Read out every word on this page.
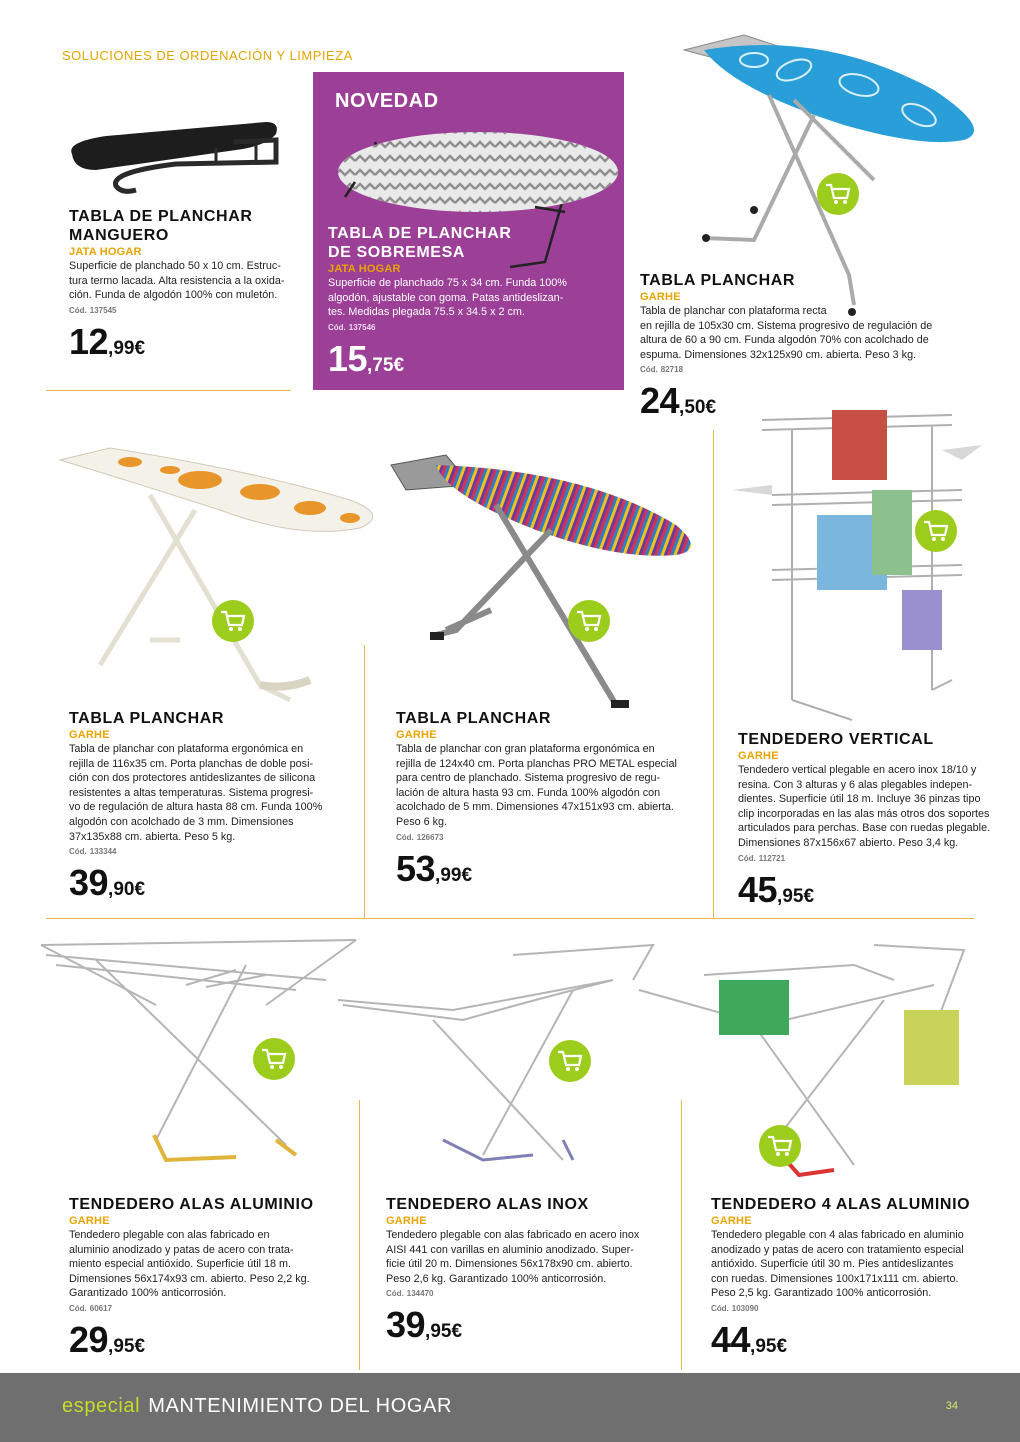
SOLUCIONES DE ORDENACIÓN Y LIMPIEZA
NOVEDAD
TABLA DE PLANCHAR
MANGUERO
JATA HOGAR
Superficie de planchado 50 x 10 cm. Estruc-
tura termo lacada. Alta resistencia a la oxida-
ción. Funda de algodón 100% con muletón.
Cód. 137545
12,99€
TABLA DE PLANCHAR
DE SOBREMESA
JATA HOGAR
Superficie de planchado 75 x 34 cm. Funda 100%
algodón, ajustable con goma. Patas antideslizan-
tes. Medidas plegada 75.5 x 34.5 x 2 cm.
Cód. 137546
15,75€
TABLA PLANCHAR
GARHE
Tabla de planchar con plataforma recta
en rejilla de 105x30 cm. Sistema progresivo de regulación de
altura de 60 a 90 cm. Funda algodón 70% con acolchado de
espuma. Dimensiones 32x125x90 cm. abierta. Peso 3 kg.
Cód. 82718
24,50€
TABLA PLANCHAR
GARHE
Tabla de planchar con plataforma ergonómica en
rejilla de 116x35 cm. Porta planchas de doble posi-
ción con dos protectores antideslizantes de silicona
resistentes a altas temperaturas. Sistema progresi-
vo de regulación de altura hasta 88 cm. Funda 100%
algodón con acolchado de 3 mm. Dimensiones
37x135x88 cm. abierta. Peso 5 kg.
Cód. 133344
39,90€
TABLA PLANCHAR
GARHE
Tabla de planchar con gran plataforma ergonómica en
rejilla de 124x40 cm. Porta planchas PRO METAL especial
para centro de planchado. Sistema progresivo de regu-
lación de altura hasta 93 cm. Funda 100% algodón con
acolchado de 5 mm. Dimensiones 47x151x93 cm. abierta.
Peso 6 kg.
Cód. 126673
53,99€
TENDEDERO VERTICAL
GARHE
Tendedero vertical plegable en acero inox 18/10 y
resina. Con 3 alturas y 6 alas plegables indepen-
dientes. Superficie útil 18 m. Incluye 36 pinzas tipo
clip incorporadas en las alas más otros dos soportes
articulados para perchas. Base con ruedas plegable.
Dimensiones 87x156x67 abierto. Peso 3,4 kg.
Cód. 112721
45,95€
TENDEDERO ALAS ALUMINIO
GARHE
Tendedero plegable con alas fabricado en
aluminio anodizado y patas de acero con trata-
miento especial antióxido. Superficie útil 18 m.
Dimensiones 56x174x93 cm. abierto. Peso 2,2 kg.
Garantizado 100% anticorrosión.
Cód. 60617
29,95€
TENDEDERO ALAS INOX
GARHE
Tendedero plegable con alas fabricado en acero inox
AISI 441 con varillas en aluminio anodizado. Super-
ficie útil 20 m. Dimensiones 56x178x90 cm. abierto.
Peso 2,6 kg. Garantizado 100% anticorrosión.
Cód. 134470
39,95€
TENDEDERO 4 ALAS ALUMINIO
GARHE
Tendedero plegable con 4 alas fabricado en aluminio
anodizado y patas de acero con tratamiento especial
antióxido. Superficie útil 30 m. Pies antideslizantes
con ruedas. Dimensiones 100x171x111 cm. abierto.
Peso 2,5 kg. Garantizado 100% anticorrosión.
Cód. 103090
44,95€
especial MANTENIMIENTO DEL HOGAR	34
